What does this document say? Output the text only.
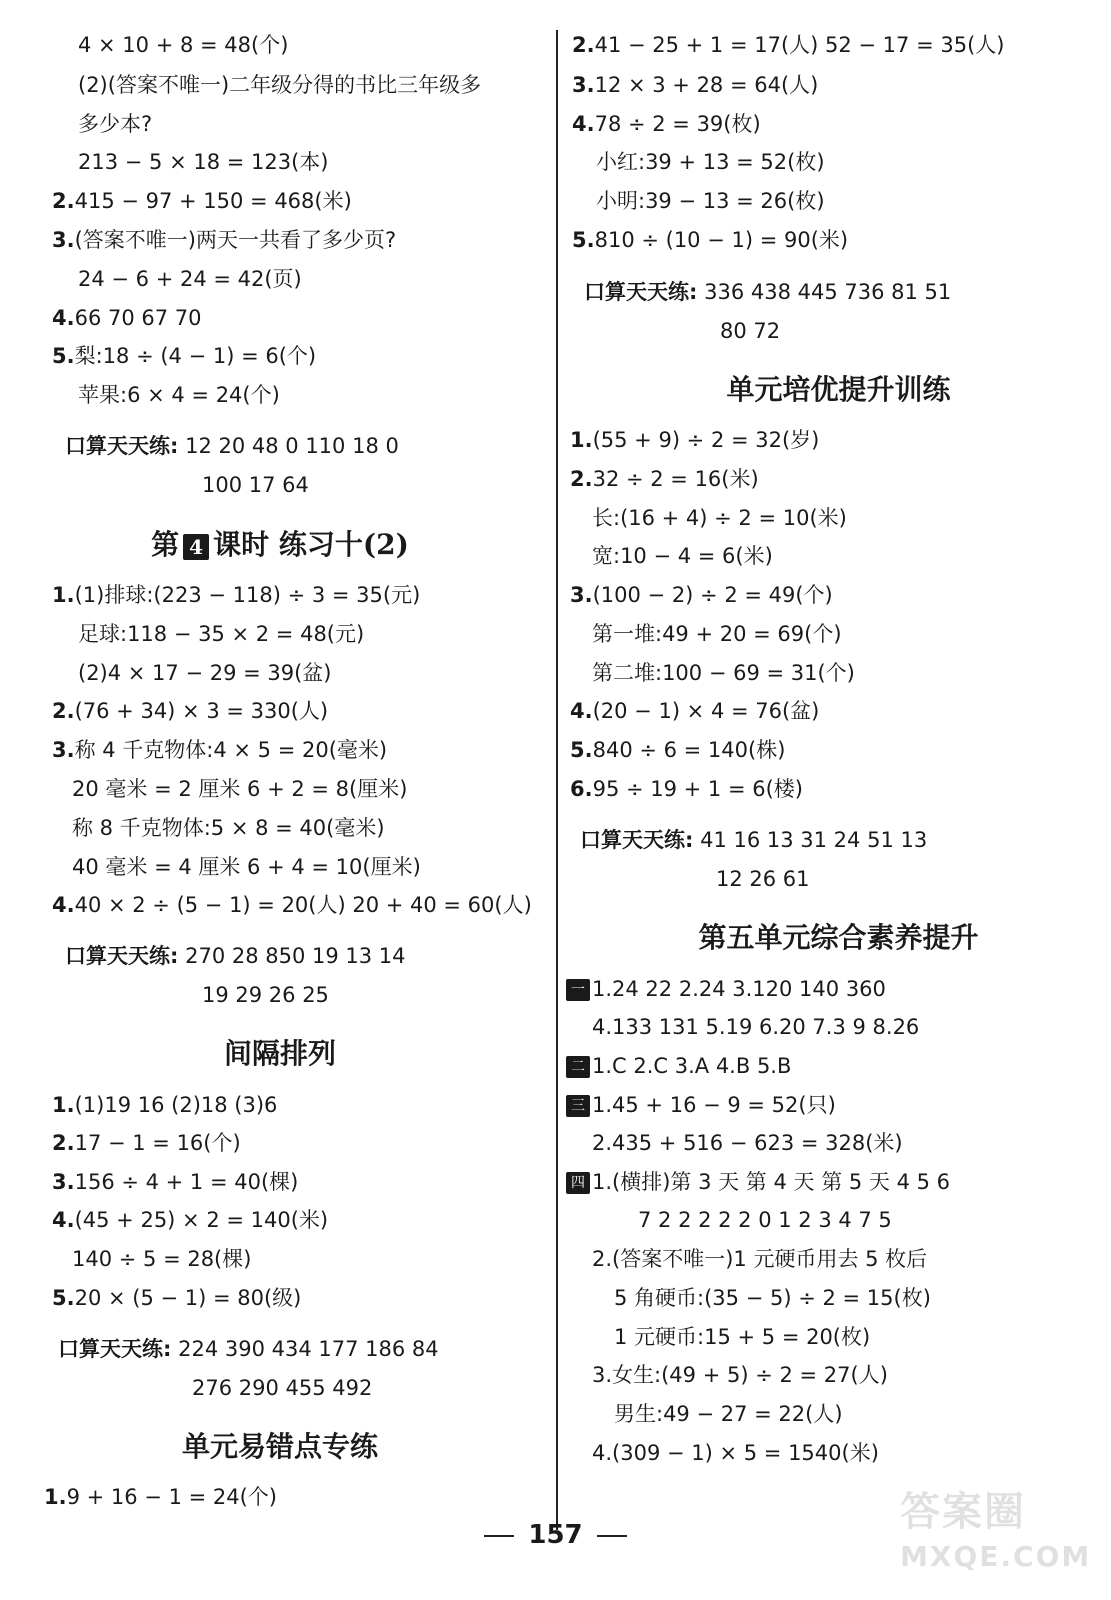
4 × 10 + 8 = 48(个)
(2)(答案不唯一)二年级分得的书比三年级多
多少本?
213 − 5 × 18 = 123(本)
2.415 − 97 + 150 = 468(米)
3.(答案不唯一)两天一共看了多少页?
24 − 6 + 24 = 42(页)
4.66 70 67 70
5.梨:18 ÷ (4 − 1) = 6(个)
苹果:6 × 4 = 24(个)
口算天天练: 12 20 48 0 110 18 0
100 17 64
第 4 课时 练习十(2)
1.(1)排球:(223 − 118) ÷ 3 = 35(元)
足球:118 − 35 × 2 = 48(元)
(2)4 × 17 − 29 = 39(盆)
2.(76 + 34) × 3 = 330(人)
3.称 4 千克物体:4 × 5 = 20(毫米)
20 毫米 = 2 厘米 6 + 2 = 8(厘米)
称 8 千克物体:5 × 8 = 40(毫米)
40 毫米 = 4 厘米 6 + 4 = 10(厘米)
4.40 × 2 ÷ (5 − 1) = 20(人) 20 + 40 = 60(人)
口算天天练: 270 28 850 19 13 14
19 29 26 25
间隔排列
1.(1)19 16 (2)18 (3)6
2.17 − 1 = 16(个)
3.156 ÷ 4 + 1 = 40(棵)
4.(45 + 25) × 2 = 140(米)
140 ÷ 5 = 28(棵)
5.20 × (5 − 1) = 80(级)
口算天天练: 224 390 434 177 186 84
276 290 455 492
单元易错点专练
1.9 + 16 − 1 = 24(个)
2.41 − 25 + 1 = 17(人) 52 − 17 = 35(人)
3.12 × 3 + 28 = 64(人)
4.78 ÷ 2 = 39(枚)
小红:39 + 13 = 52(枚)
小明:39 − 13 = 26(枚)
5.810 ÷ (10 − 1) = 90(米)
口算天天练: 336 438 445 736 81 51
80 72
单元培优提升训练
1.(55 + 9) ÷ 2 = 32(岁)
2.32 ÷ 2 = 16(米)
长:(16 + 4) ÷ 2 = 10(米)
宽:10 − 4 = 6(米)
3.(100 − 2) ÷ 2 = 49(个)
第一堆:49 + 20 = 69(个)
第二堆:100 − 69 = 31(个)
4.(20 − 1) × 4 = 76(盆)
5.840 ÷ 6 = 140(株)
6.95 ÷ 19 + 1 = 6(楼)
口算天天练: 41 16 13 31 24 51 13
12 26 61
第五单元综合素养提升
一 1.24 22 2.24 3.120 140 360
4.133 131 5.19 6.20 7.3 9 8.26
二 1.C 2.C 3.A 4.B 5.B
三 1.45 + 16 − 9 = 52(只)
2.435 + 516 − 623 = 328(米)
四 1.(横排)第 3 天 第 4 天 第 5 天 4 5 6
7 2 2 2 2 2 0 1 2 3 4 7 5
2.(答案不唯一)1 元硬币用去 5 枚后
5 角硬币:(35 − 5) ÷ 2 = 15(枚)
1 元硬币:15 + 5 = 20(枚)
3.女生:(49 + 5) ÷ 2 = 27(人)
男生:49 − 27 = 22(人)
4.(309 − 1) × 5 = 1540(米)
157	答案圈
MXQE.COM
